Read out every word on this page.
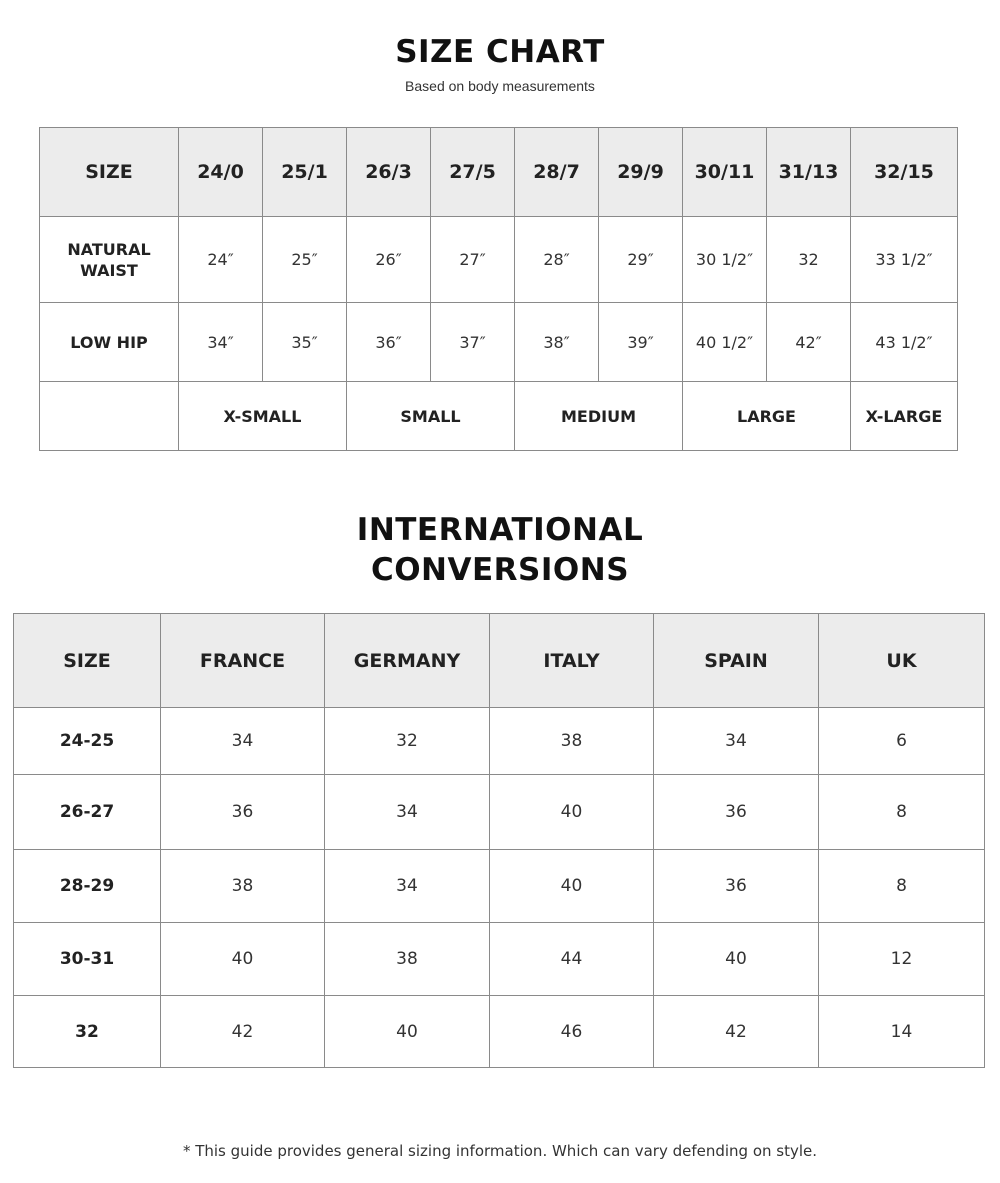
SIZE CHART
Based on body measurements
SIZE	24/0	25/1	26/3	27/5	28/7	29/9	30/11	31/13	32/15
NATURAL
WAIST	24″	25″	26″	27″	28″	29″	30 1/2″	32	33 1/2″
LOW HIP	34″	35″	36″	37″	38″	39″	40 1/2″	42″	43 1/2″
	X-SMALL		SMALL		MEDIUM		LARGE		X-LARGE
INTERNATIONAL
CONVERSIONS
SIZE	FRANCE	GERMANY	ITALY	SPAIN	UK
24-25	34	32	38	34	6
26-27	36	34	40	36	8
28-29	38	34	40	36	8
30-31	40	38	44	40	12
32	42	40	46	42	14
* This guide provides general sizing information. Which can vary defending on style.
